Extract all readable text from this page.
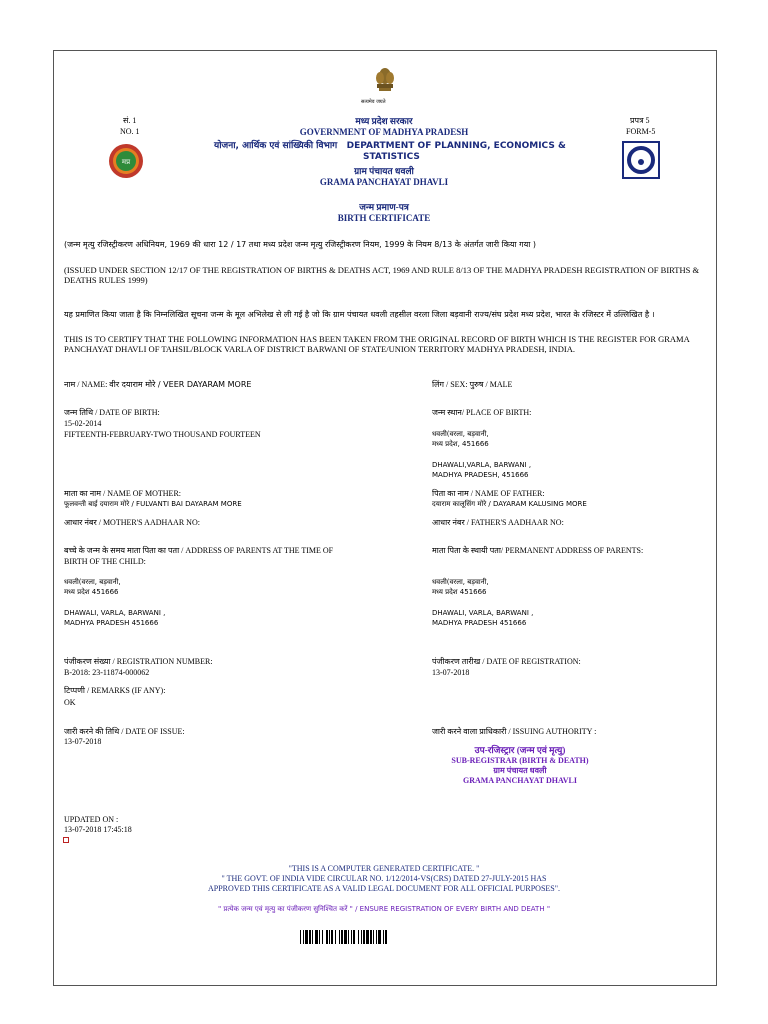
सत्यमेव जयते
सं. 1
NO. 1
प्रपत्र 5
FORM-5
मप्र
मध्य प्रदेश सरकार
GOVERNMENT OF MADHYA PRADESH
योजना, आर्थिक एवं सांख्यिकी विभाग DEPARTMENT OF PLANNING, ECONOMICS &
STATISTICS
ग्राम पंचायत धवली
GRAMA PANCHAYAT DHAVLI
जन्म प्रमाण-पत्र
BIRTH CERTIFICATE
(जन्म मृत्यु रजिस्ट्रीकरण अधिनियम, 1969 की धारा 12 / 17 तथा मध्य प्रदेश जन्म मृत्यु रजिस्ट्रीकरण नियम, 1999 के नियम 8/13 के अंतर्गत जारी किया गया )
(ISSUED UNDER SECTION 12/17 OF THE REGISTRATION OF BIRTHS & DEATHS ACT, 1969 AND RULE 8/13 OF THE MADHYA PRADESH REGISTRATION OF BIRTHS & DEATHS RULES 1999)
यह प्रमाणित किया जाता है कि निम्नलिखित सूचना जन्म के मूल अभिलेख से ली गई है जो कि ग्राम पंचायत धवली तहसील वरला जिला बड़वानी राज्य/संघ प्रदेश मध्य प्रदेश, भारत के रजिस्टर में उल्लिखित है ।
THIS IS TO CERTIFY THAT THE FOLLOWING INFORMATION HAS BEEN TAKEN FROM THE ORIGINAL RECORD OF BIRTH WHICH IS THE REGISTER FOR GRAMA PANCHAYAT DHAVLI OF TAHSIL/BLOCK VARLA OF DISTRICT BARWANI OF STATE/UNION TERRITORY MADHYA PRADESH, INDIA.
नाम / NAME: वीर दयाराम मोरे / VEER DAYARAM MORE	लिंग / SEX: पुरुष / MALE
जन्म तिथि / DATE OF BIRTH:
15-02-2014
FIFTEENTH-FEBRUARY-TWO THOUSAND FOURTEEN
जन्म स्थान/ PLACE OF BIRTH:
धवली(वरला, बड़वानी,
मध्य प्रदेश, 451666
DHAWALI,VARLA, BARWANI ,
MADHYA PRADESH, 451666
माता का नाम / NAME OF MOTHER:
फूलवन्ती बाई दयाराम मोरे / FULVANTI BAI DAYARAM MORE
पिता का नाम / NAME OF FATHER:
दयाराम कालूसिंग मोरे / DAYARAM KALUSING MORE
आधार नंबर / MOTHER'S AADHAAR NO:	आधार नंबर / FATHER'S AADHAAR NO:
बच्चे के जन्म के समय माता पिता का पता / ADDRESS OF PARENTS AT THE TIME OF
BIRTH OF THE CHILD:
माता पिता के स्थायी पता/ PERMANENT ADDRESS OF PARENTS:
धवली(वरला, बड़वानी,
मध्य प्रदेश 451666
DHAWALI, VARLA, BARWANI ,
MADHYA PRADESH 451666
धवली(वरला, बड़वानी,
मध्य प्रदेश 451666
DHAWALI, VARLA, BARWANI ,
MADHYA PRADESH 451666
पंजीकरण संख्या / REGISTRATION NUMBER:
B-2018: 23-11874-000062
पंजीकरण तारीख / DATE OF REGISTRATION:
13-07-2018
टिप्पणी / REMARKS (IF ANY):
OK
जारी करने की तिथि / DATE OF ISSUE:
13-07-2018
जारी करने वाला प्राधिकारी / ISSUING AUTHORITY :
उप-रजिस्ट्रार (जन्म एवं मृत्यु)
SUB-REGISTRAR (BIRTH & DEATH)
ग्राम पंचायत धवली
GRAMA PANCHAYAT DHAVLI
UPDATED ON :
13-07-2018 17:45:18
"THIS IS A COMPUTER GENERATED CERTIFICATE. "
" THE GOVT. OF INDIA VIDE CIRCULAR NO. 1/12/2014-VS(CRS) DATED 27-JULY-2015 HAS
APPROVED THIS CERTIFICATE AS A VALID LEGAL DOCUMENT FOR ALL OFFICIAL PURPOSES".
" प्रत्येक जन्म एवं मृत्यु का पंजीकरण सुनिश्चित करें " / ENSURE REGISTRATION OF EVERY BIRTH AND DEATH "
